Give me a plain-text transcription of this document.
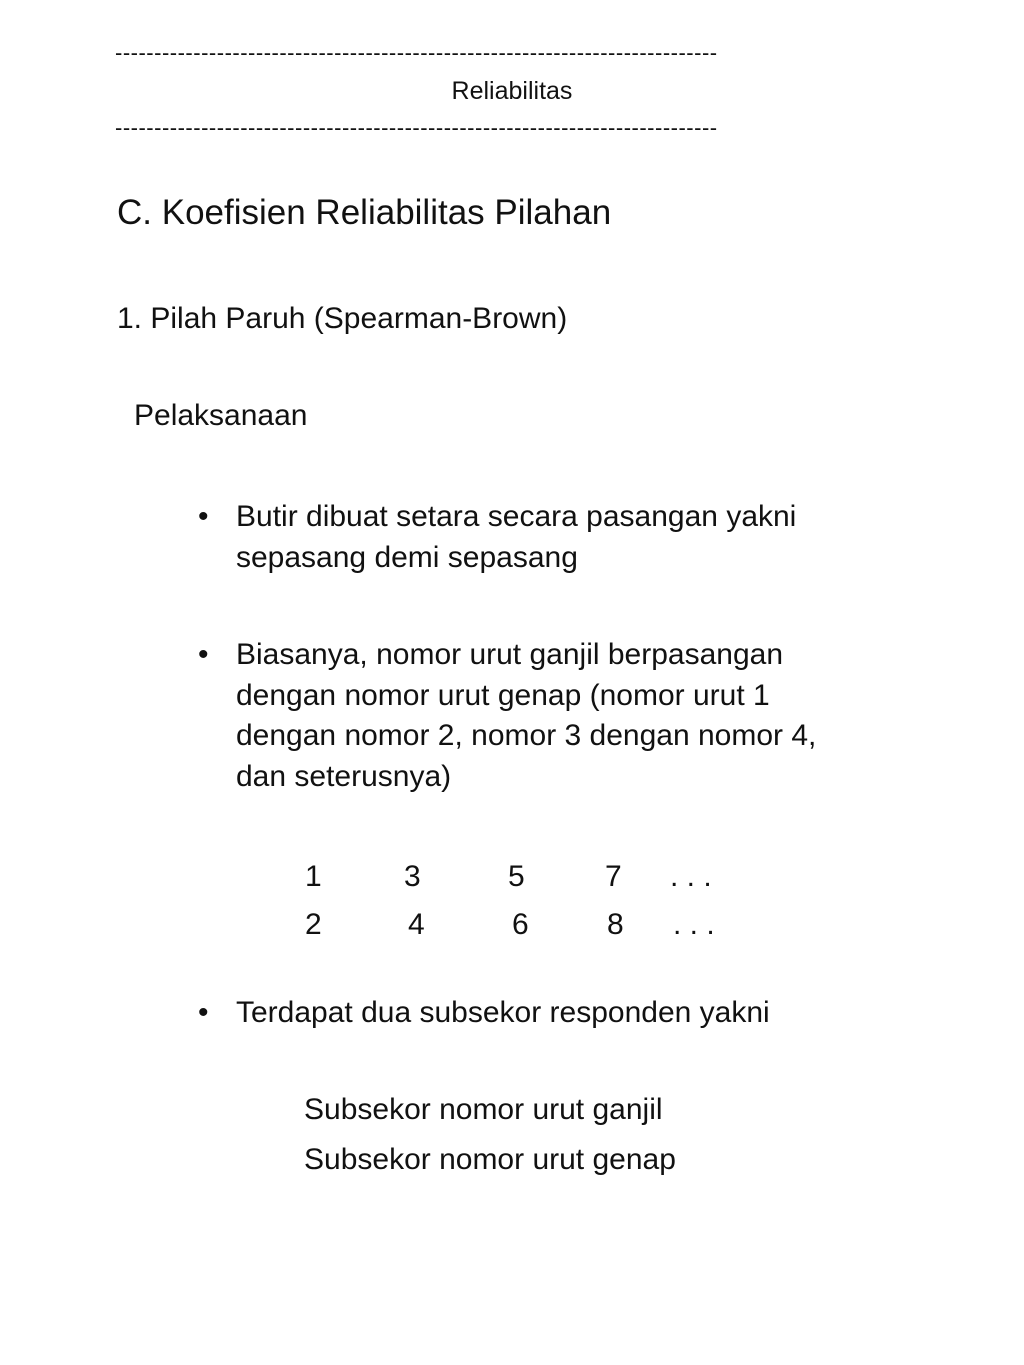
-----------------------------------------------------------------------------
Reliabilitas
-----------------------------------------------------------------------------
C. Koefisien Reliabilitas Pilahan
1. Pilah Paruh (Spearman-Brown)
Pelaksanaan
• Butir dibuat setara secara pasangan yakni
sepasang demi sepasang
• Biasanya, nomor urut ganjil berpasangan
dengan nomor urut genap (nomor urut 1
dengan nomor 2, nomor 3 dengan nomor 4,
dan seterusnya)
1	3	5	7 . . .
2	4	6	8 . . .
• Terdapat dua subsekor responden yakni
Subsekor nomor urut ganjil
Subsekor nomor urut genap
